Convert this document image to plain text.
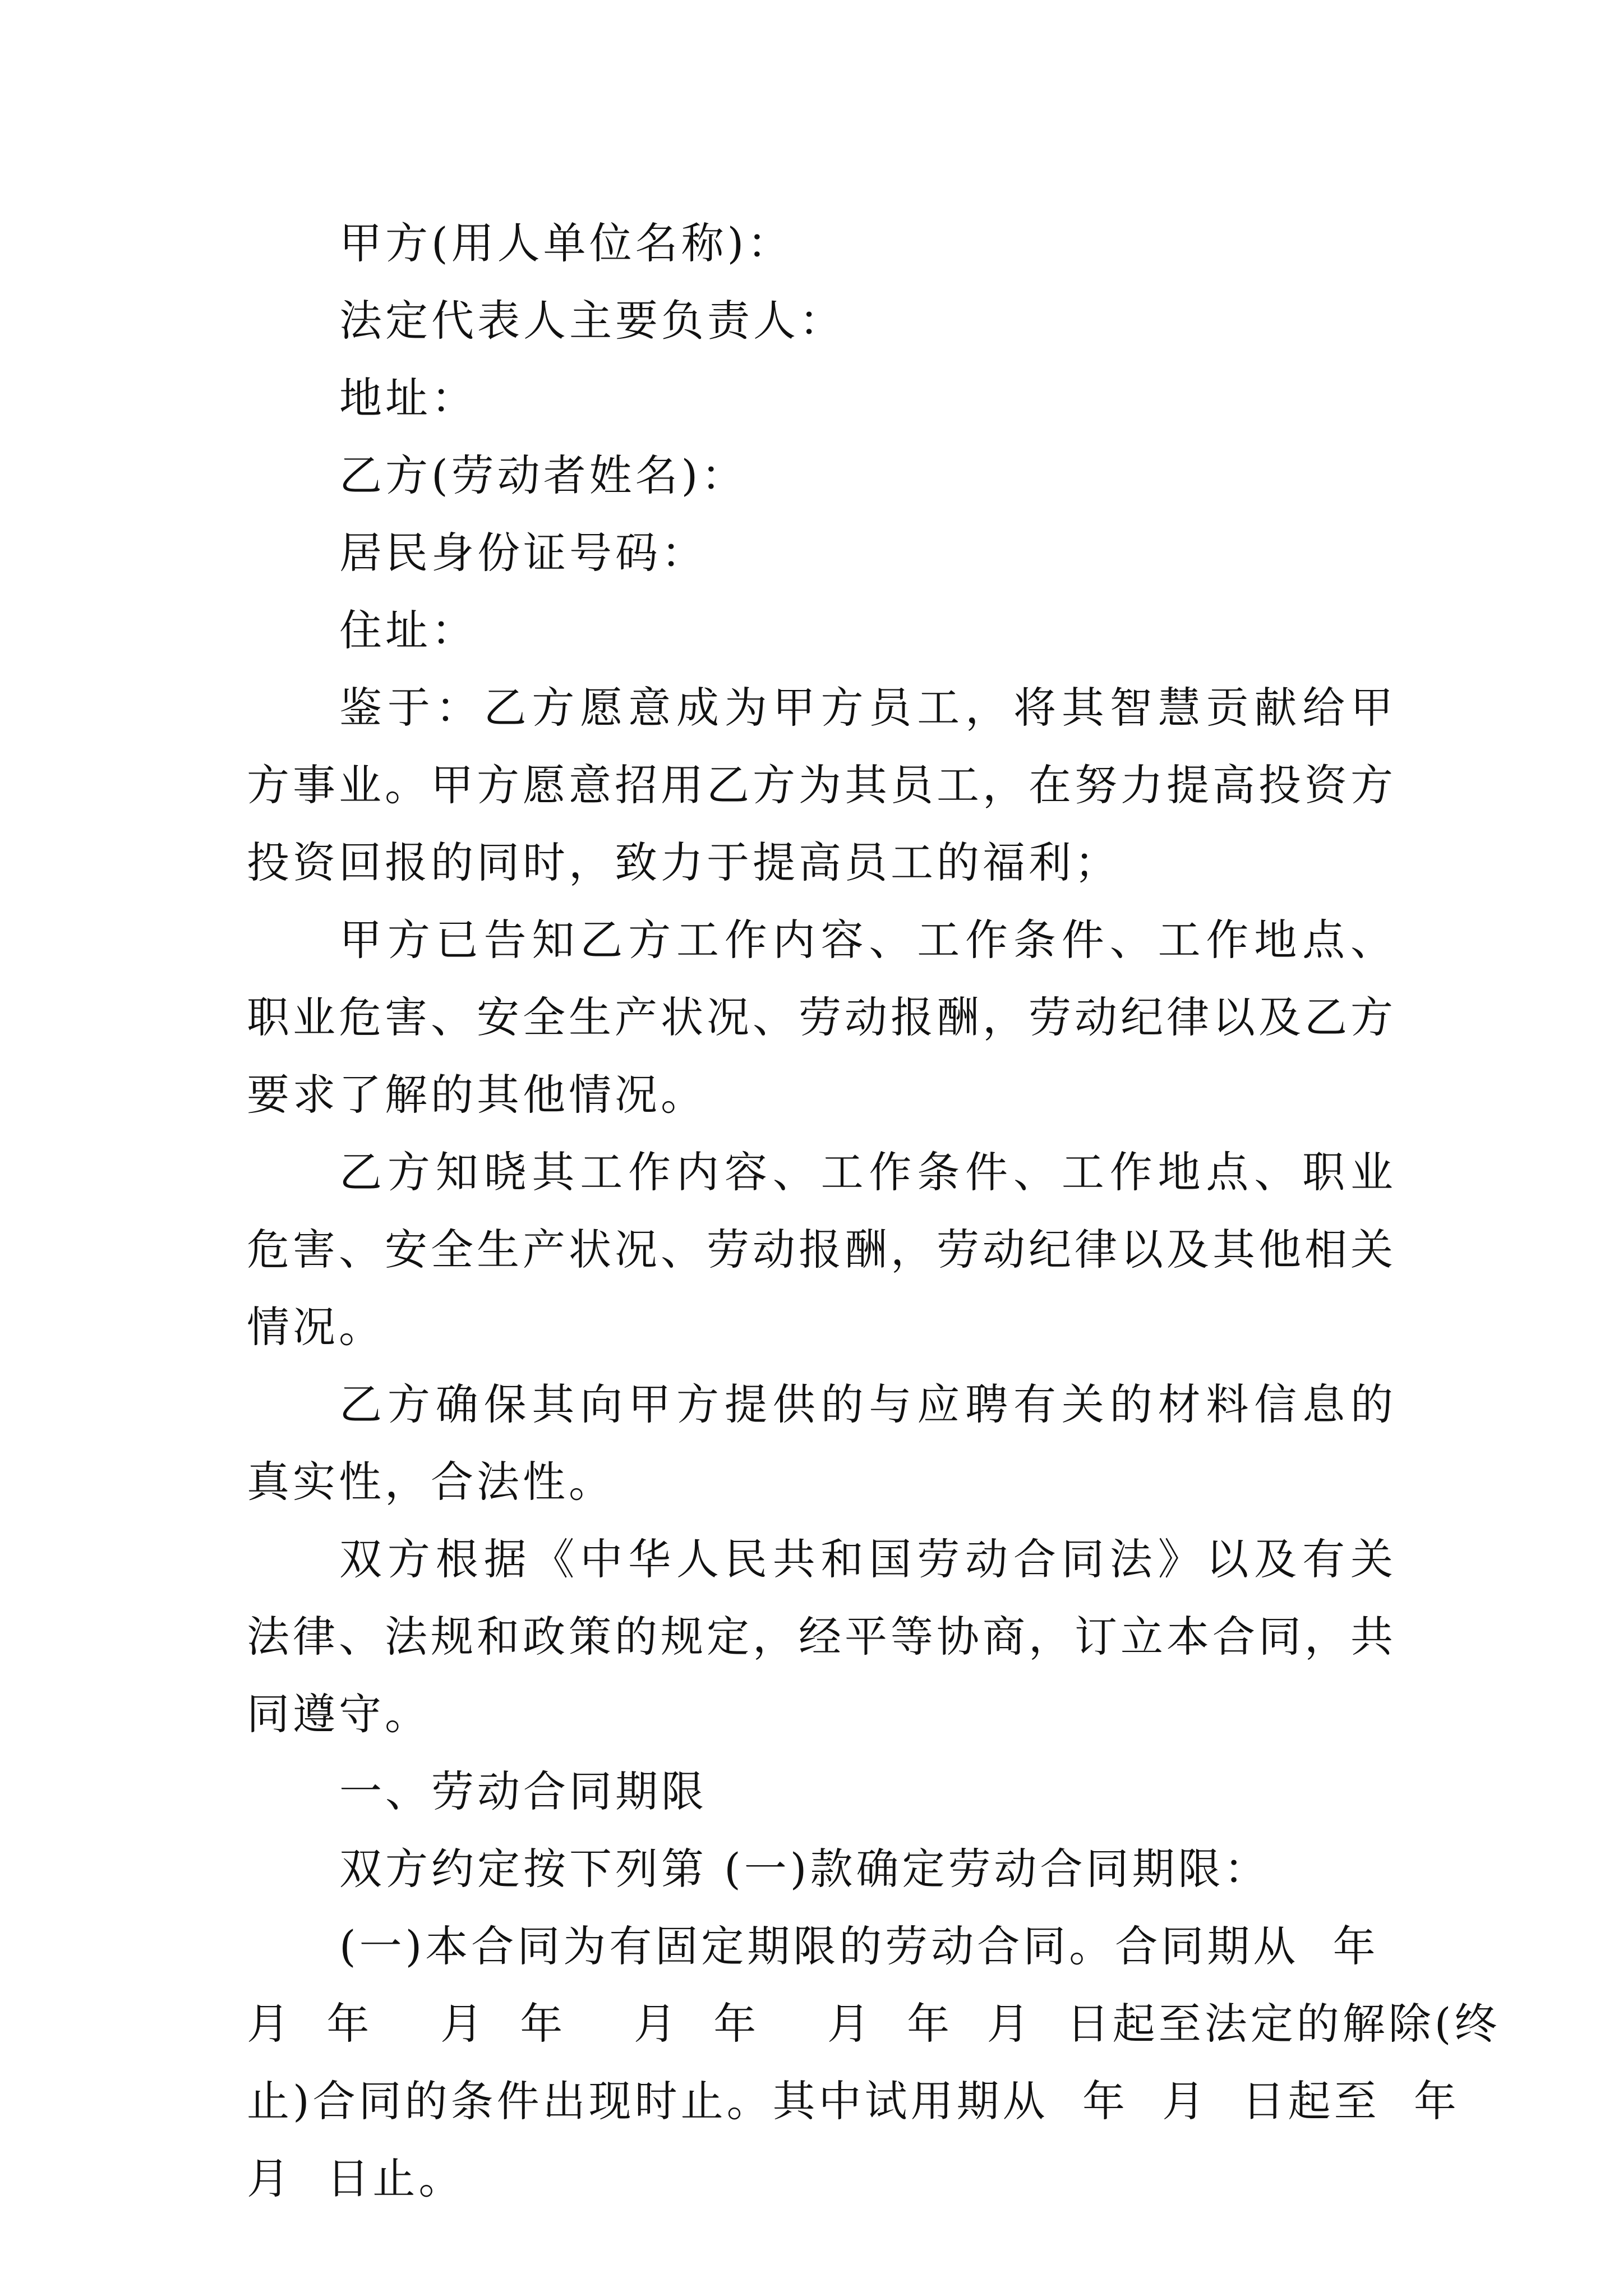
甲方(用人单位名称)：

法定代表人主要负责人：

地址：

乙方(劳动者姓名)：

居民身份证号码：

住址：

鉴于：乙方愿意成为甲方员工，将其智慧贡献给甲方事业。甲方愿意招用乙方为其员工，在努力提高投资方投资回报的同时，致力于提高员工的福利；

甲方已告知乙方工作内容、工作条件、工作地点、职业危害、安全生产状况、劳动报酬，劳动纪律以及乙方要求了解的其他情况。

乙方知晓其工作内容、工作条件、工作地点、职业危害、安全生产状况、劳动报酬，劳动纪律以及其他相关情况。

乙方确保其向甲方提供的与应聘有关的材料信息的真实性，合法性。

双方根据《中华人民共和国劳动合同法》以及有关法律、法规和政策的规定，经平等协商，订立本合同，共同遵守。

一、劳动合同期限

双方约定按下列第 (一)款确定劳动合同期限：

(一)本合同为有固定期限的劳动合同。合同期从  年
月  年    月  年    月  年    月  年  月  日起至法定的解除(终
止)合同的条件出现时止。其中试用期从  年  月  日起至  年
月  日止。
